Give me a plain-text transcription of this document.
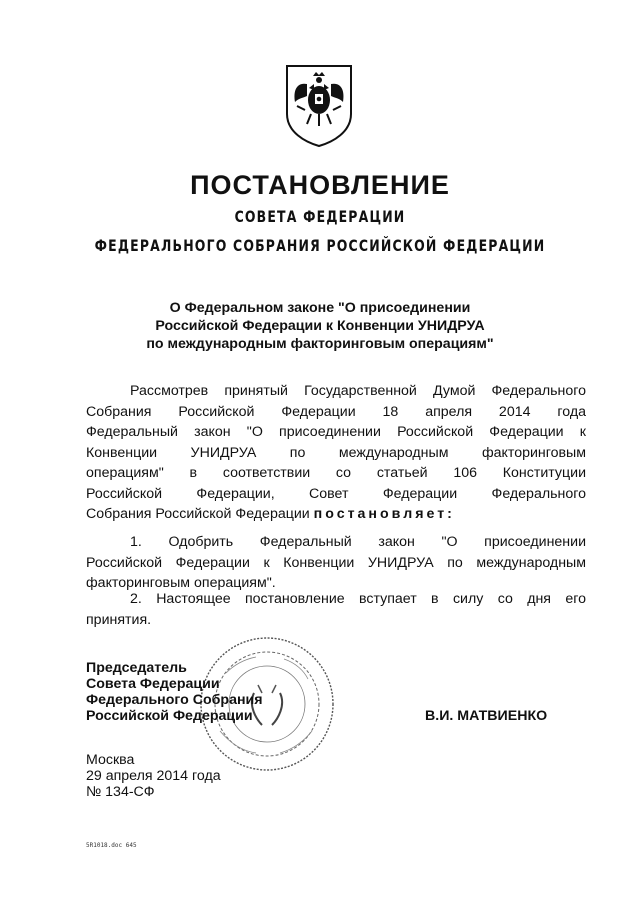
ПОСТАНОВЛЕНИЕ
СОВЕТА ФЕДЕРАЦИИ
ФЕДЕРАЛЬНОГО СОБРАНИЯ РОССИЙСКОЙ ФЕДЕРАЦИИ
О Федеральном законе "О присоединении
Российской Федерации к Конвенции УНИДРУА
по международным факторинговым операциям"
Рассмотрев принятый Государственной Думой Федерального
Собрания Российской Федерации 18 апреля 2014 года
Федеральный закон "О присоединении Российской Федерации к
Конвенции УНИДРУА по международным факторинговым
операциям" в соответствии со статьей 106 Конституции
Российской Федерации, Совет Федерации Федерального
Собрания Российской Федерации постановляет:
1. Одобрить Федеральный закон "О присоединении
Российской Федерации к Конвенции УНИДРУА по международным
факторинговым операциям".
2. Настоящее постановление вступает в силу со дня его
принятия.
Председатель
Совета Федерации
Федерального Собрания
Российской Федерации	В.И. МАТВИЕНКО
Москва
29 апреля 2014 года
№ 134-СФ
5R1018.doc 645
